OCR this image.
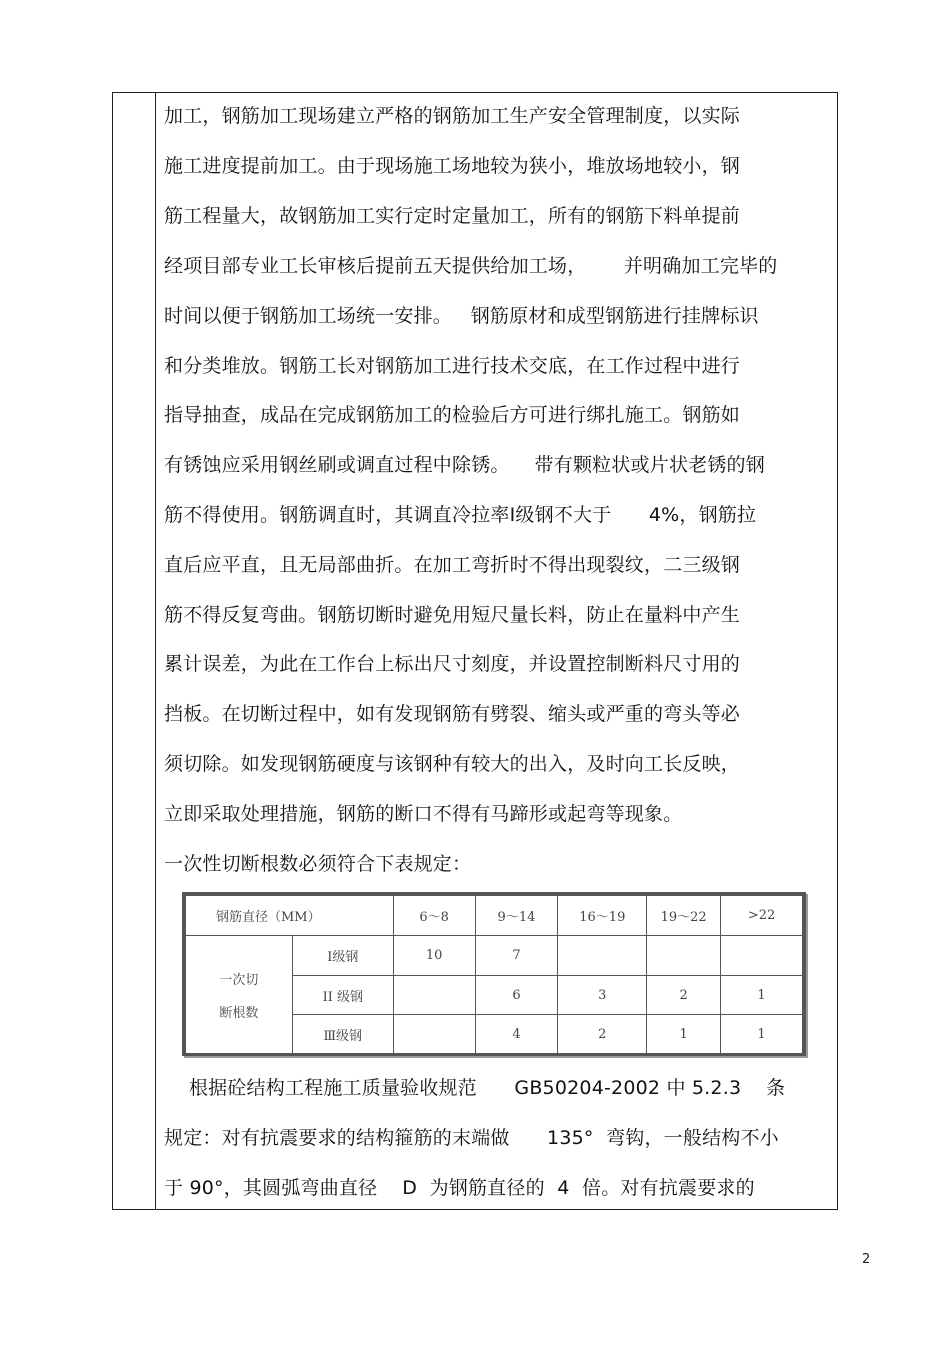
加工，钢筋加工现场建立严格的钢筋加工生产安全管理制度，以实际
施工进度提前加工。由于现场施工场地较为狭小，堆放场地较小，钢
筋工程量大，故钢筋加工实行定时定量加工，所有的钢筋下料单提前
经项目部专业工长审核后提前五天提供给加工场，      并明确加工完毕的
时间以便于钢筋加工场统一安排。   钢筋原材和成型钢筋进行挂牌标识
和分类堆放。钢筋工长对钢筋加工进行技术交底，在工作过程中进行
指导抽查，成品在完成钢筋加工的检验后方可进行绑扎施工。钢筋如
有锈蚀应采用钢丝刷或调直过程中除锈。    带有颗粒状或片状老锈的钢
筋不得使用。钢筋调直时，其调直冷拉率Ⅰ级钢不大于      4%，钢筋拉
直后应平直，且无局部曲折。在加工弯折时不得出现裂纹，二三级钢
筋不得反复弯曲。钢筋切断时避免用短尺量长料，防止在量料中产生
累计误差，为此在工作台上标出尺寸刻度，并设置控制断料尺寸用的
挡板。在切断过程中，如有发现钢筋有劈裂、缩头或严重的弯头等必
须切除。如发现钢筋硬度与该钢种有较大的出入，及时向工长反映，
立即采取处理措施，钢筋的断口不得有马蹄形或起弯等现象。
一次性切断根数必须符合下表规定：
钢筋直径（MM）		6～8	9～14	16～19	19～22	>22

一次切
断根数	Ⅰ级钢	10	7			
	II 级钢		6	3	2	1
	Ⅲ级钢		4	2	1	1
根据砼结构工程施工质量验收规范      GB50204-2002 中 5.2.3    条
规定：对有抗震要求的结构箍筋的末端做      135°  弯钩，一般结构不小
于 90°，其圆弧弯曲直径    D  为钢筋直径的  4  倍。对有抗震要求的
2
